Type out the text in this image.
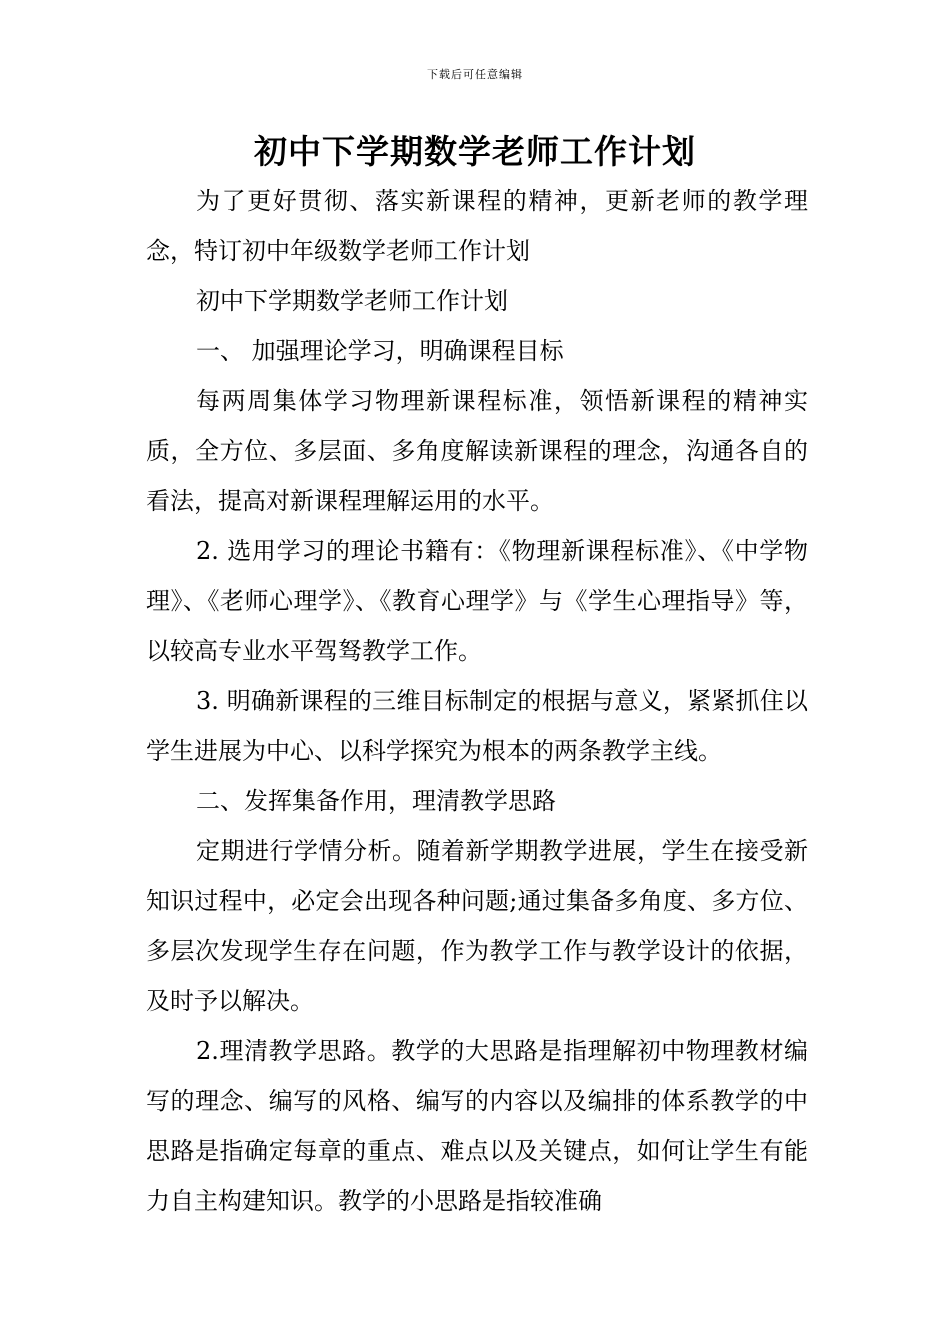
下载后可任意编辑
初中下学期数学老师工作计划

为了更好贯彻、落实新课程的精神，更新老师的教学理念，特订初中年级数学老师工作计划

初中下学期数学老师工作计划

一、 加强理论学习，明确课程目标

每两周集体学习物理新课程标准，领悟新课程的精神实质，全方位、多层面、多角度解读新课程的理念，沟通各自的看法，提高对新课程理解运用的水平。

2. 选用学习的理论书籍有：《物理新课程标准》、《中学物理》、《老师心理学》、《教育心理学》与《学生心理指导》等，以较高专业水平驾驽教学工作。

3. 明确新课程的三维目标制定的根据与意义，紧紧抓住以学生进展为中心、以科学探究为根本的两条教学主线。

二、发挥集备作用，理清教学思路

定期进行学情分析。随着新学期教学进展，学生在接受新知识过程中，必定会出现各种问题;通过集备多角度、多方位、多层次发现学生存在问题，作为教学工作与教学设计的依据，及时予以解决。

2.理清教学思路。教学的大思路是指理解初中物理教材编写的理念、编写的风格、编写的内容以及编排的体系教学的中思路是指确定每章的重点、难点以及关键点，如何让学生有能力自主构建知识。教学的小思路是指较准确
